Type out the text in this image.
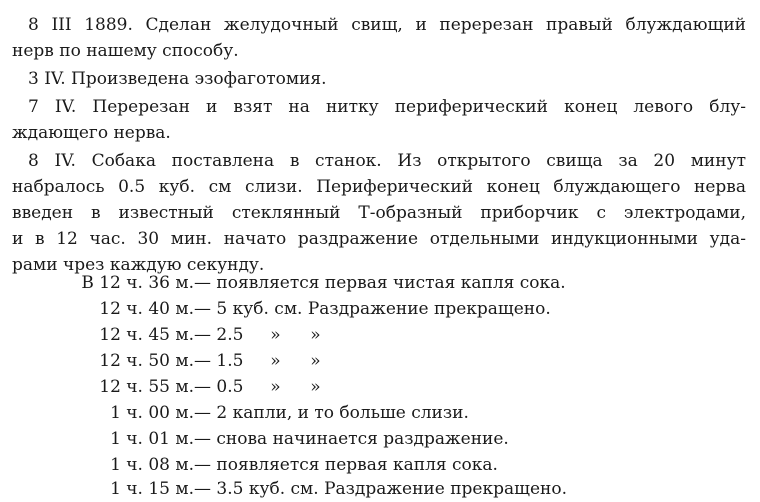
8 III 1889. Сделан желудочный свищ, и перерезан правый блуждающий
нерв по нашему способу.
3 IV. Произведена эзофаготомия.
7 IV. Перерезан и взят на нитку периферический конец левого блу-
ждающего нерва.
8 IV. Собака поставлена в станок. Из открытого свища за 20 минут
набралось 0.5 куб. см слизи. Периферический конец блуждающего нерва
введен в известный стеклянный Т-образный приборчик с электродами,
и в 12 час. 30 мин. начато раздражение отдельными индукционными уда-
рами чрез каждую секунду.
В 12 ч. 36 м.— появляется первая чистая капля сока.
12 ч. 40 м.— 5 куб. см. Раздражение прекращено.
12 ч. 45 м.— 2.5 » »
12 ч. 50 м.— 1.5 » »
12 ч. 55 м.— 0.5 » »
1 ч. 00 м.— 2 капли, и то больше слизи.
1 ч. 01 м.— снова начинается раздражение.
1 ч. 08 м.— появляется первая капля сока.
1 ч. 15 м.— 3.5 куб. см. Раздражение прекращено.
